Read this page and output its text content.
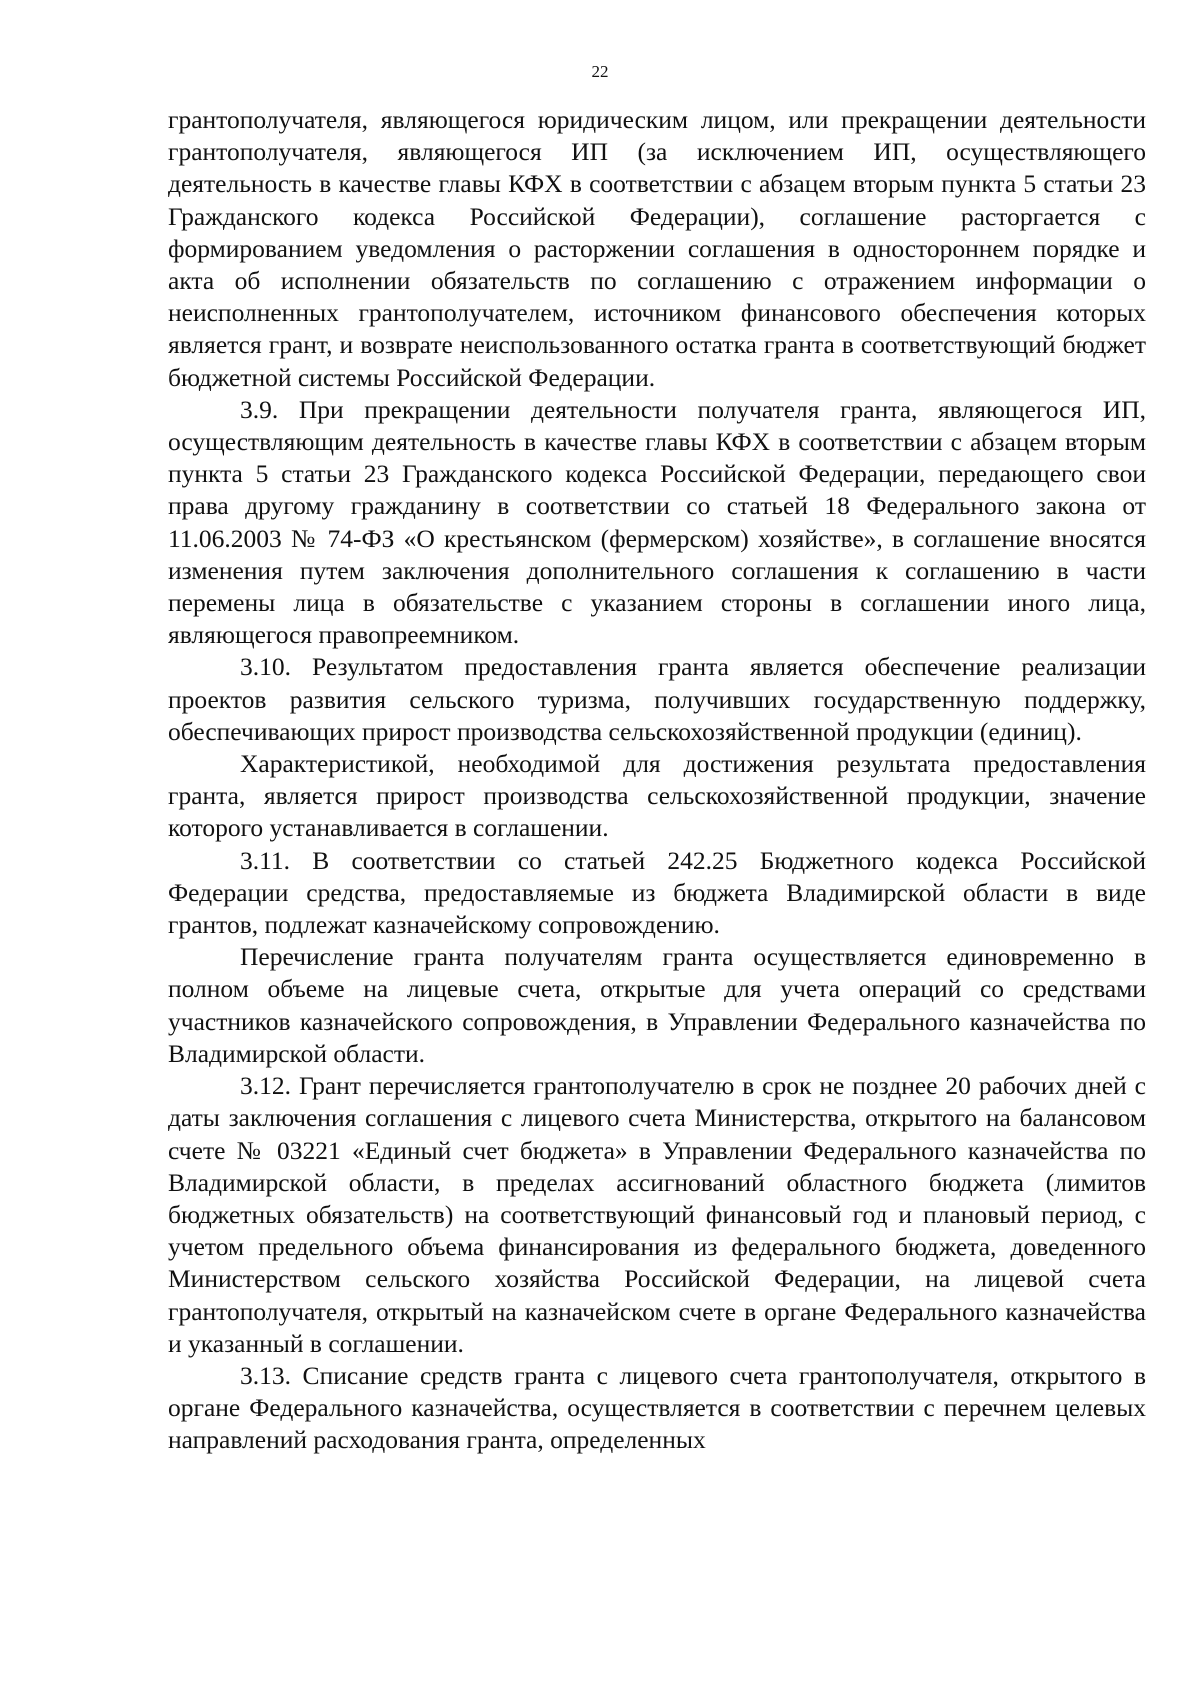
22

грантополучателя, являющегося юридическим лицом, или прекращении деятельности грантополучателя, являющегося ИП (за исключением ИП, осуществляющего деятельность в качестве главы КФХ в соответствии с абзацем вторым пункта 5 статьи 23 Гражданского кодекса Российской Федерации), соглашение расторгается с формированием уведомления о расторжении соглашения в одностороннем порядке и акта об исполнении обязательств по соглашению с отражением информации о неисполненных грантополучателем, источником финансового обеспечения которых является грант, и возврате неиспользованного остатка гранта в соответствующий бюджет бюджетной системы Российской Федерации.

3.9. При прекращении деятельности получателя гранта, являющегося ИП, осуществляющим деятельность в качестве главы КФХ в соответствии с абзацем вторым пункта 5 статьи 23 Гражданского кодекса Российской Федерации, передающего свои права другому гражданину в соответствии со статьей 18 Федерального закона от 11.06.2003 № 74-ФЗ «О крестьянском (фермерском) хозяйстве», в соглашение вносятся изменения путем заключения дополнительного соглашения к соглашению в части перемены лица в обязательстве с указанием стороны в соглашении иного лица, являющегося правопреемником.

3.10. Результатом предоставления гранта является обеспечение реализации проектов развития сельского туризма, получивших государственную поддержку, обеспечивающих прирост производства сельскохозяйственной продукции (единиц).

Характеристикой, необходимой для достижения результата предоставления гранта, является прирост производства сельскохозяйственной продукции, значение которого устанавливается в соглашении.

3.11. В соответствии со статьей 242.25 Бюджетного кодекса Российской Федерации средства, предоставляемые из бюджета Владимирской области в виде грантов, подлежат казначейскому сопровождению.

Перечисление гранта получателям гранта осуществляется единовременно в полном объеме на лицевые счета, открытые для учета операций со средствами участников казначейского сопровождения, в Управлении Федерального казначейства по Владимирской области.

3.12. Грант перечисляется грантополучателю в срок не позднее 20 рабочих дней с даты заключения соглашения с лицевого счета Министерства, открытого на балансовом счете № 03221 «Единый счет бюджета» в Управлении Федерального казначейства по Владимирской области, в пределах ассигнований областного бюджета (лимитов бюджетных обязательств) на соответствующий финансовый год и плановый период, с учетом предельного объема финансирования из федерального бюджета, доведенного Министерством сельского хозяйства Российской Федерации, на лицевой счета грантополучателя, открытый на казначейском счете в органе Федерального казначейства и указанный в соглашении.

3.13. Списание средств гранта с лицевого счета грантополучателя, открытого в органе Федерального казначейства, осуществляется в соответствии с перечнем целевых направлений расходования гранта, определенных
